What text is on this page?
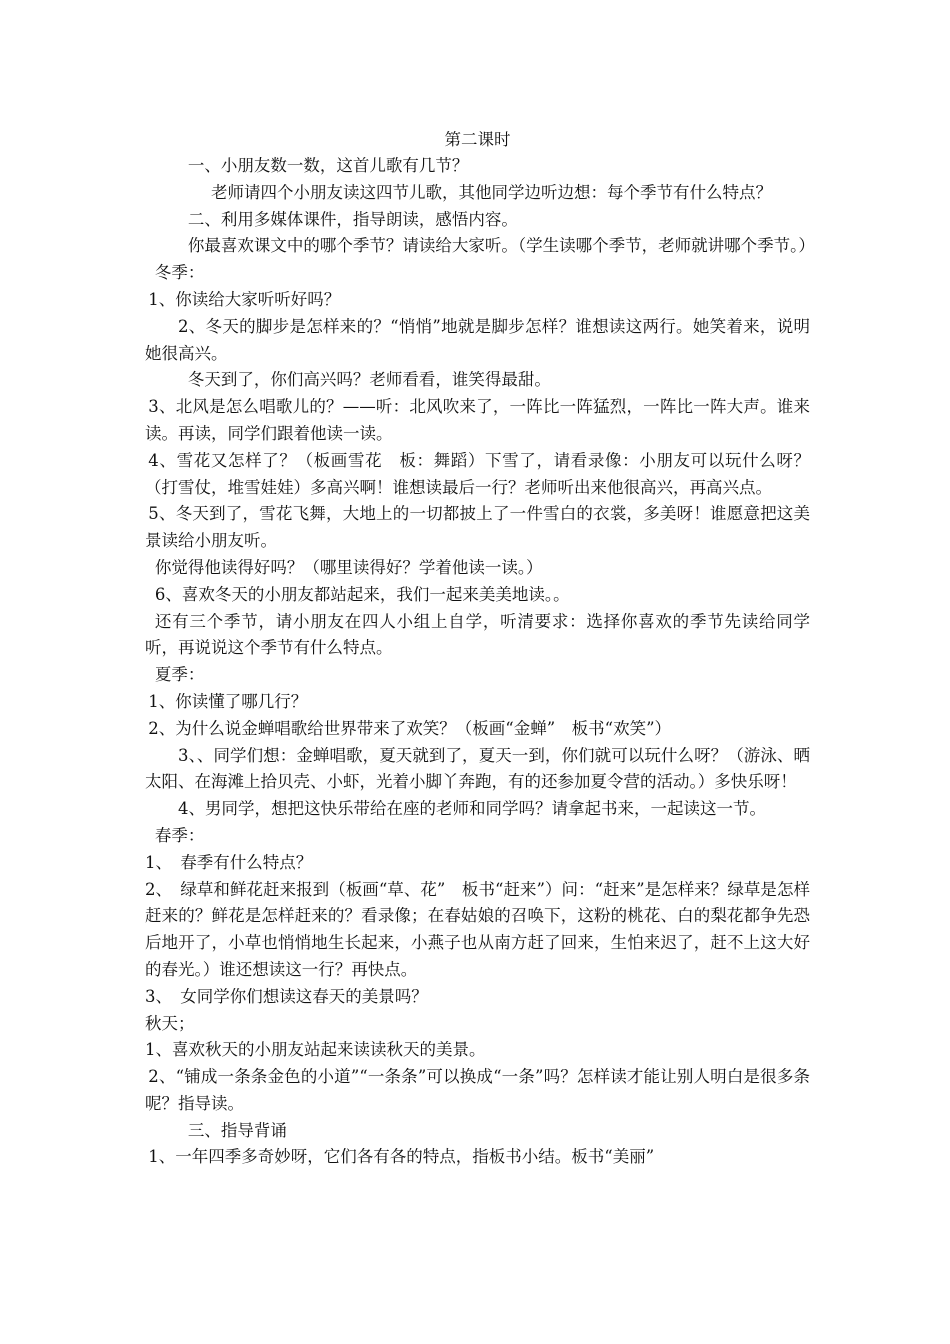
第二课时

一、小朋友数一数，这首儿歌有几节？

老师请四个小朋友读这四节儿歌，其他同学边听边想：每个季节有什么特点？

二、利用多媒体课件，指导朗读，感悟内容。

你最喜欢课文中的哪个季节？请读给大家听。（学生读哪个季节，老师就讲哪个季节。）

冬季：

1、你读给大家听听好吗？

2、冬天的脚步是怎样来的？“悄悄”地就是脚步怎样？谁想读这两行。她笑着来，说明她很高兴。

冬天到了，你们高兴吗？老师看看，谁笑得最甜。

3、北风是怎么唱歌儿的？——听：北风吹来了，一阵比一阵猛烈，一阵比一阵大声。谁来读。再读，同学们跟着他读一读。

4、雪花又怎样了？（板画雪花　板：舞蹈）下雪了，请看录像：小朋友可以玩什么呀？（打雪仗，堆雪娃娃）多高兴啊！谁想读最后一行？老师听出来他很高兴，再高兴点。

5、冬天到了，雪花飞舞，大地上的一切都披上了一件雪白的衣裳，多美呀！谁愿意把这美景读给小朋友听。

你觉得他读得好吗？（哪里读得好？学着他读一读。）

6、喜欢冬天的小朋友都站起来，我们一起来美美地读。。

还有三个季节，请小朋友在四人小组上自学，听清要求：选择你喜欢的季节先读给同学听，再说说这个季节有什么特点。

夏季：

1、你读懂了哪几行？

2、为什么说金蝉唱歌给世界带来了欢笑？（板画“金蝉”　板书“欢笑”）

3、、同学们想：金蝉唱歌，夏天就到了，夏天一到，你们就可以玩什么呀？（游泳、晒太阳、在海滩上拾贝壳、小虾，光着小脚丫奔跑，有的还参加夏令营的活动。）多快乐呀！

4、男同学，想把这快乐带给在座的老师和同学吗？请拿起书来，一起读这一节。

春季：

1、　春季有什么特点？

2、　绿草和鲜花赶来报到（板画“草、花”　板书“赶来”）问：“赶来”是怎样来？绿草是怎样赶来的？鲜花是怎样赶来的？看录像；在春姑娘的召唤下，这粉的桃花、白的梨花都争先恐后地开了，小草也悄悄地生长起来，小燕子也从南方赶了回来，生怕来迟了，赶不上这大好的春光。）谁还想读这一行？再快点。

3、　女同学你们想读这春天的美景吗？

秋天；

1、喜欢秋天的小朋友站起来读读秋天的美景。

2、“铺成一条条金色的小道”“一条条”可以换成“一条”吗？怎样读才能让别人明白是很多条呢？指导读。

三、指导背诵

1、一年四季多奇妙呀，它们各有各的特点，指板书小结。板书“美丽”
